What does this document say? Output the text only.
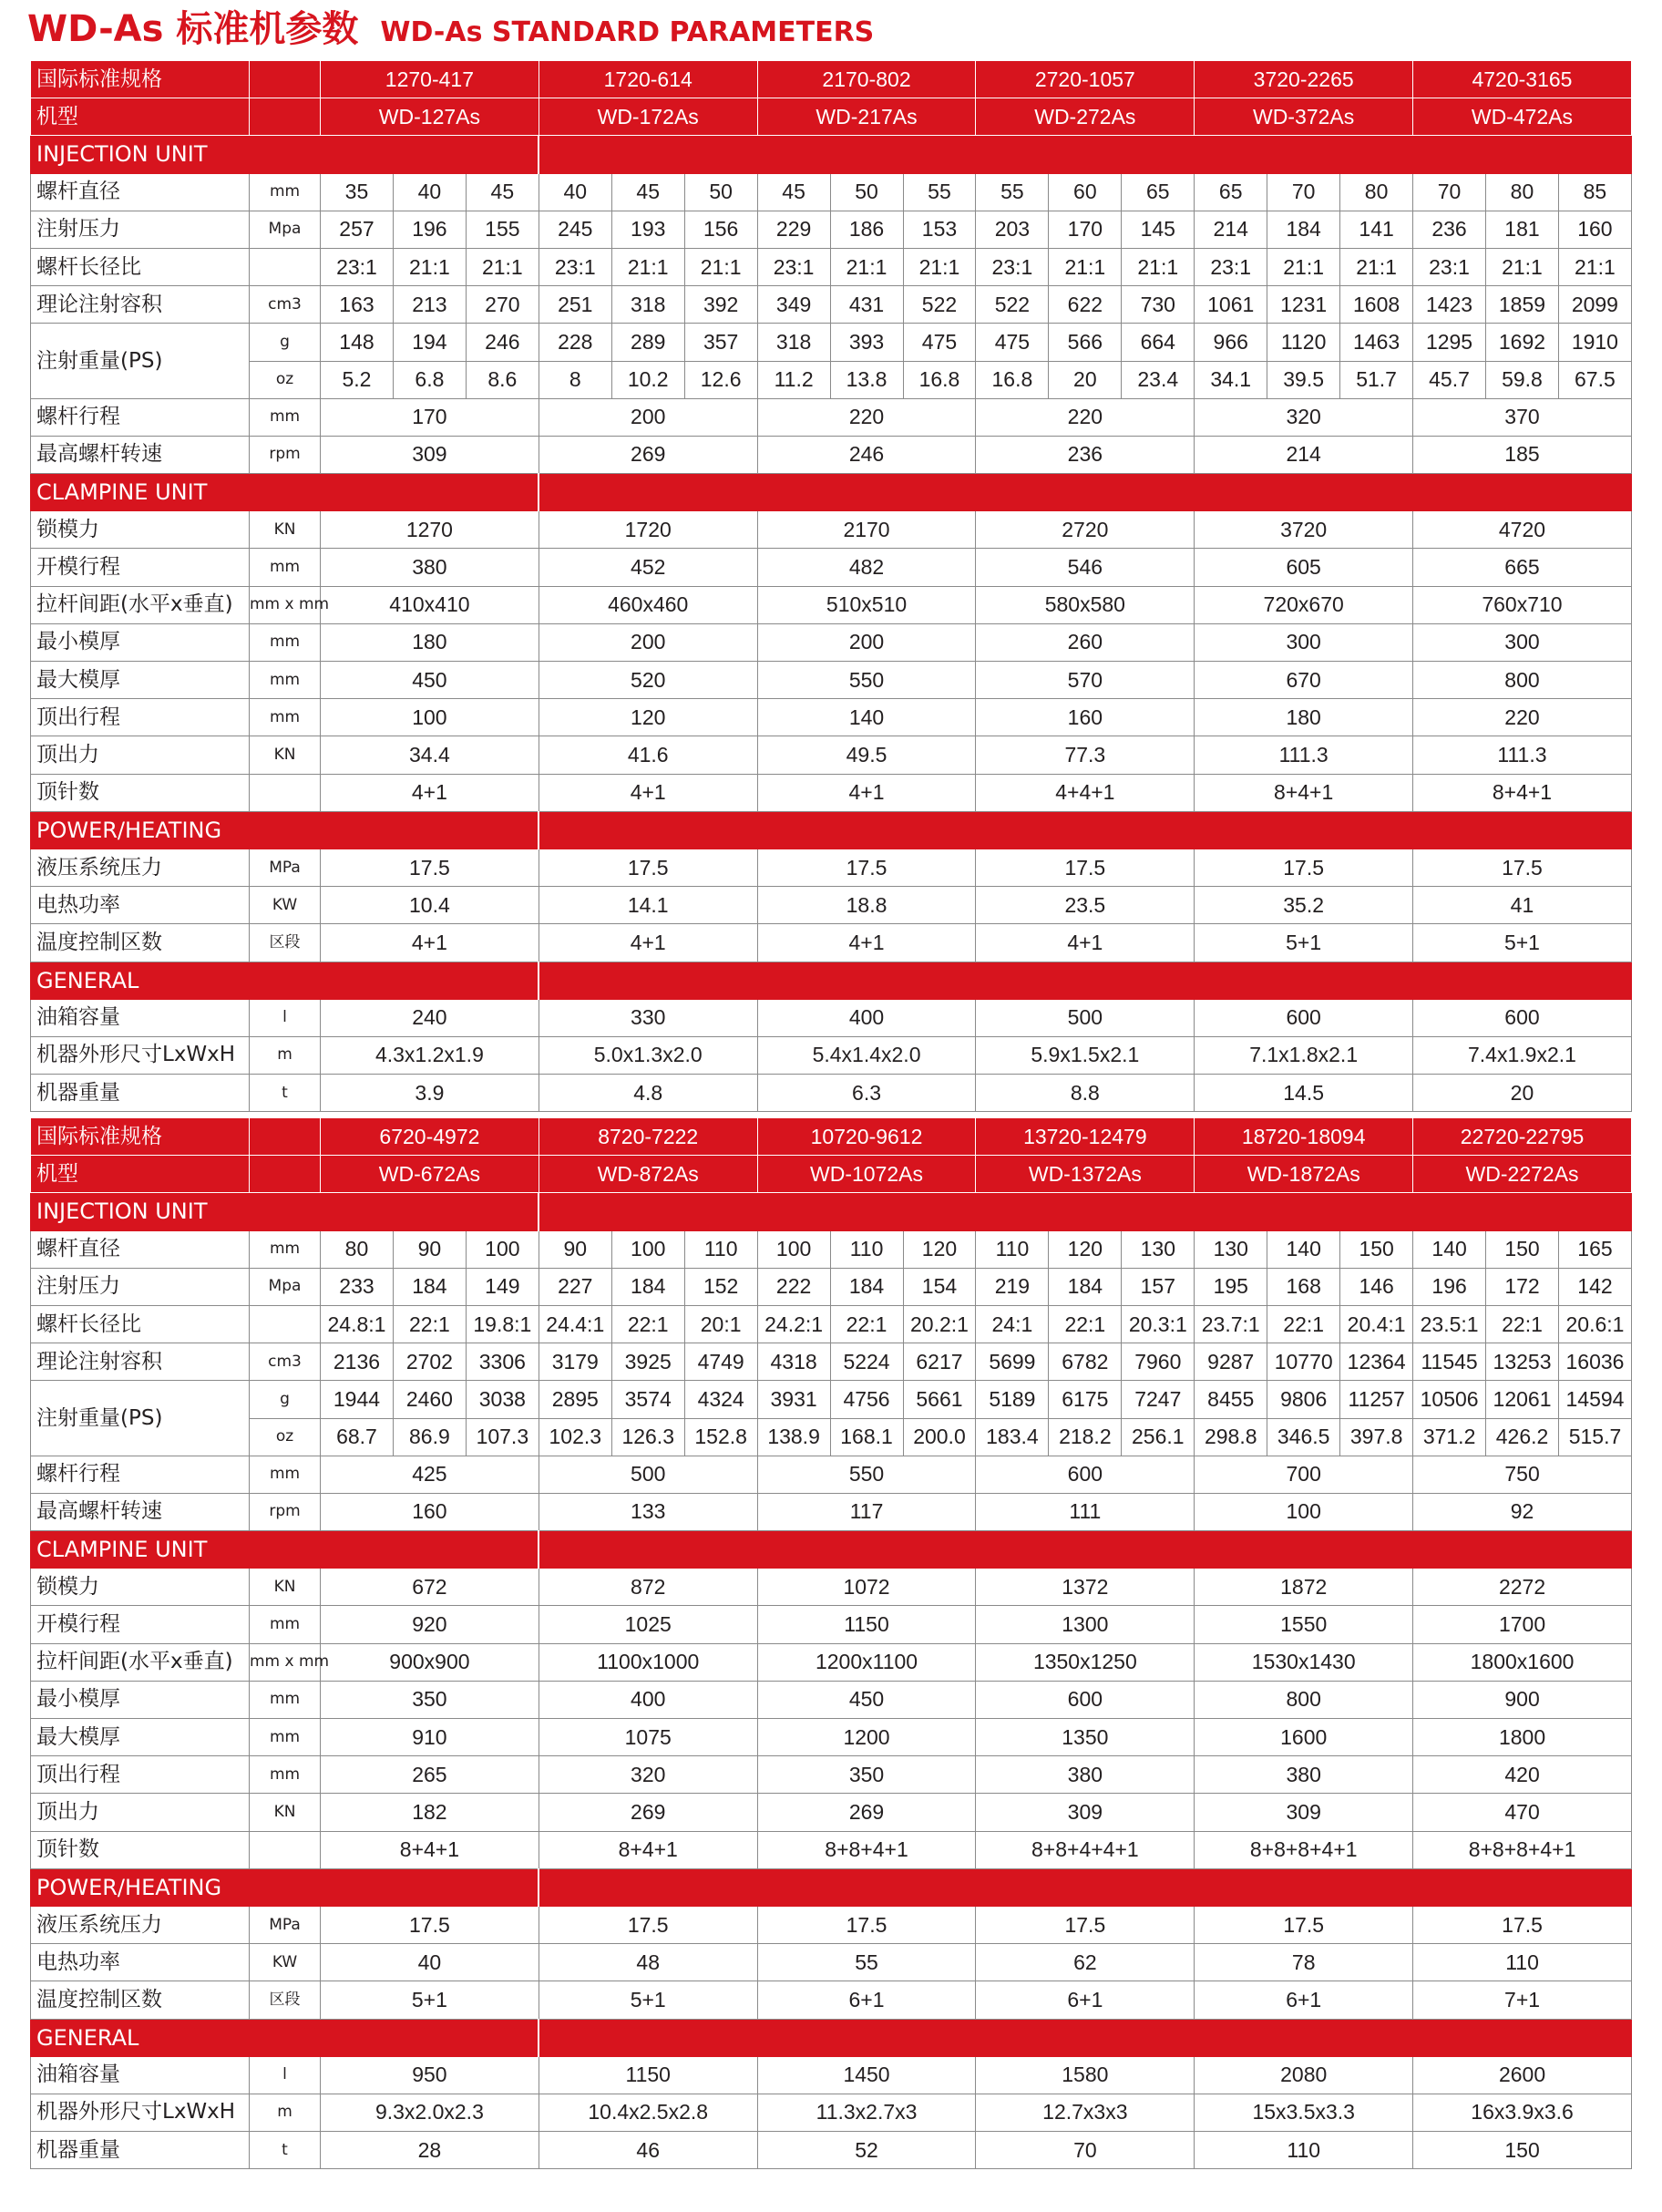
WD-As 标准机参数 WD-As STANDARD PARAMETERS
国际标准规格		1270-417			1720-614			2170-802			2720-1057			3720-2265			4720-3165		
机型		WD-127As			WD-172As			WD-217As			WD-272As			WD-372As			WD-472As		
INJECTION UNIT																			
螺杆直径	mm	35	40	45	40	45	50	45	50	55	55	60	65	65	70	80	70	80	85
注射压力	Mpa	257	196	155	245	193	156	229	186	153	203	170	145	214	184	141	236	181	160
螺杆长径比		23:1	21:1	21:1	23:1	21:1	21:1	23:1	21:1	21:1	23:1	21:1	21:1	23:1	21:1	21:1	23:1	21:1	21:1
理论注射容积	cm3	163	213	270	251	318	392	349	431	522	522	622	730	1061	1231	1608	1423	1859	2099
注射重量(PS)	g	148	194	246	228	289	357	318	393	475	475	566	664	966	1120	1463	1295	1692	1910
	oz	5.2	6.8	8.6	8	10.2	12.6	11.2	13.8	16.8	16.8	20	23.4	34.1	39.5	51.7	45.7	59.8	67.5
螺杆行程	mm	170			200			220			220			320			370		
最高螺杆转速	rpm	309			269			246			236			214			185		
CLAMPINE UNIT																			
锁模力	KN	1270			1720			2170			2720			3720			4720		
开模行程	mm	380			452			482			546			605			665		
拉杆间距(水平x垂直)	mm x mm	410x410			460x460			510x510			580x580			720x670			760x710		
最小模厚	mm	180			200			200			260			300			300		
最大模厚	mm	450			520			550			570			670			800		
顶出行程	mm	100			120			140			160			180			220		
顶出力	KN	34.4			41.6			49.5			77.3			111.3			111.3		
顶针数		4+1			4+1			4+1			4+4+1			8+4+1			8+4+1		
POWER/HEATING																			
液压系统压力	MPa	17.5			17.5			17.5			17.5			17.5			17.5		
电热功率	KW	10.4			14.1			18.8			23.5			35.2			41		
温度控制区数	区段	4+1			4+1			4+1			4+1			5+1			5+1		
GENERAL																			
油箱容量	l	240			330			400			500			600			600		
机器外形尺寸LxWxH	m	4.3x1.2x1.9			5.0x1.3x2.0			5.4x1.4x2.0			5.9x1.5x2.1			7.1x1.8x2.1			7.4x1.9x2.1		
机器重量	t	3.9			4.8			6.3			8.8			14.5			20		
国际标准规格		6720-4972			8720-7222			10720-9612			13720-12479			18720-18094			22720-22795		
机型		WD-672As			WD-872As			WD-1072As			WD-1372As			WD-1872As			WD-2272As		
INJECTION UNIT																			
螺杆直径	mm	80	90	100	90	100	110	100	110	120	110	120	130	130	140	150	140	150	165
注射压力	Mpa	233	184	149	227	184	152	222	184	154	219	184	157	195	168	146	196	172	142
螺杆长径比		24.8:1	22:1	19.8:1	24.4:1	22:1	20:1	24.2:1	22:1	20.2:1	24:1	22:1	20.3:1	23.7:1	22:1	20.4:1	23.5:1	22:1	20.6:1
理论注射容积	cm3	2136	2702	3306	3179	3925	4749	4318	5224	6217	5699	6782	7960	9287	10770	12364	11545	13253	16036
注射重量(PS)	g	1944	2460	3038	2895	3574	4324	3931	4756	5661	5189	6175	7247	8455	9806	11257	10506	12061	14594
	oz	68.7	86.9	107.3	102.3	126.3	152.8	138.9	168.1	200.0	183.4	218.2	256.1	298.8	346.5	397.8	371.2	426.2	515.7
螺杆行程	mm	425			500			550			600			700			750		
最高螺杆转速	rpm	160			133			117			111			100			92		
CLAMPINE UNIT																			
锁模力	KN	672			872			1072			1372			1872			2272		
开模行程	mm	920			1025			1150			1300			1550			1700		
拉杆间距(水平x垂直)	mm x mm	900x900			1100x1000			1200x1100			1350x1250			1530x1430			1800x1600		
最小模厚	mm	350			400			450			600			800			900		
最大模厚	mm	910			1075			1200			1350			1600			1800		
顶出行程	mm	265			320			350			380			380			420		
顶出力	KN	182			269			269			309			309			470		
顶针数		8+4+1			8+4+1			8+8+4+1			8+8+4+4+1			8+8+8+4+1			8+8+8+4+1		
POWER/HEATING																			
液压系统压力	MPa	17.5			17.5			17.5			17.5			17.5			17.5		
电热功率	KW	40			48			55			62			78			110		
温度控制区数	区段	5+1			5+1			6+1			6+1			6+1			7+1		
GENERAL																			
油箱容量	l	950			1150			1450			1580			2080			2600		
机器外形尺寸LxWxH	m	9.3x2.0x2.3			10.4x2.5x2.8			11.3x2.7x3			12.7x3x3			15x3.5x3.3			16x3.9x3.6		
机器重量	t	28			46			52			70			110			150		
